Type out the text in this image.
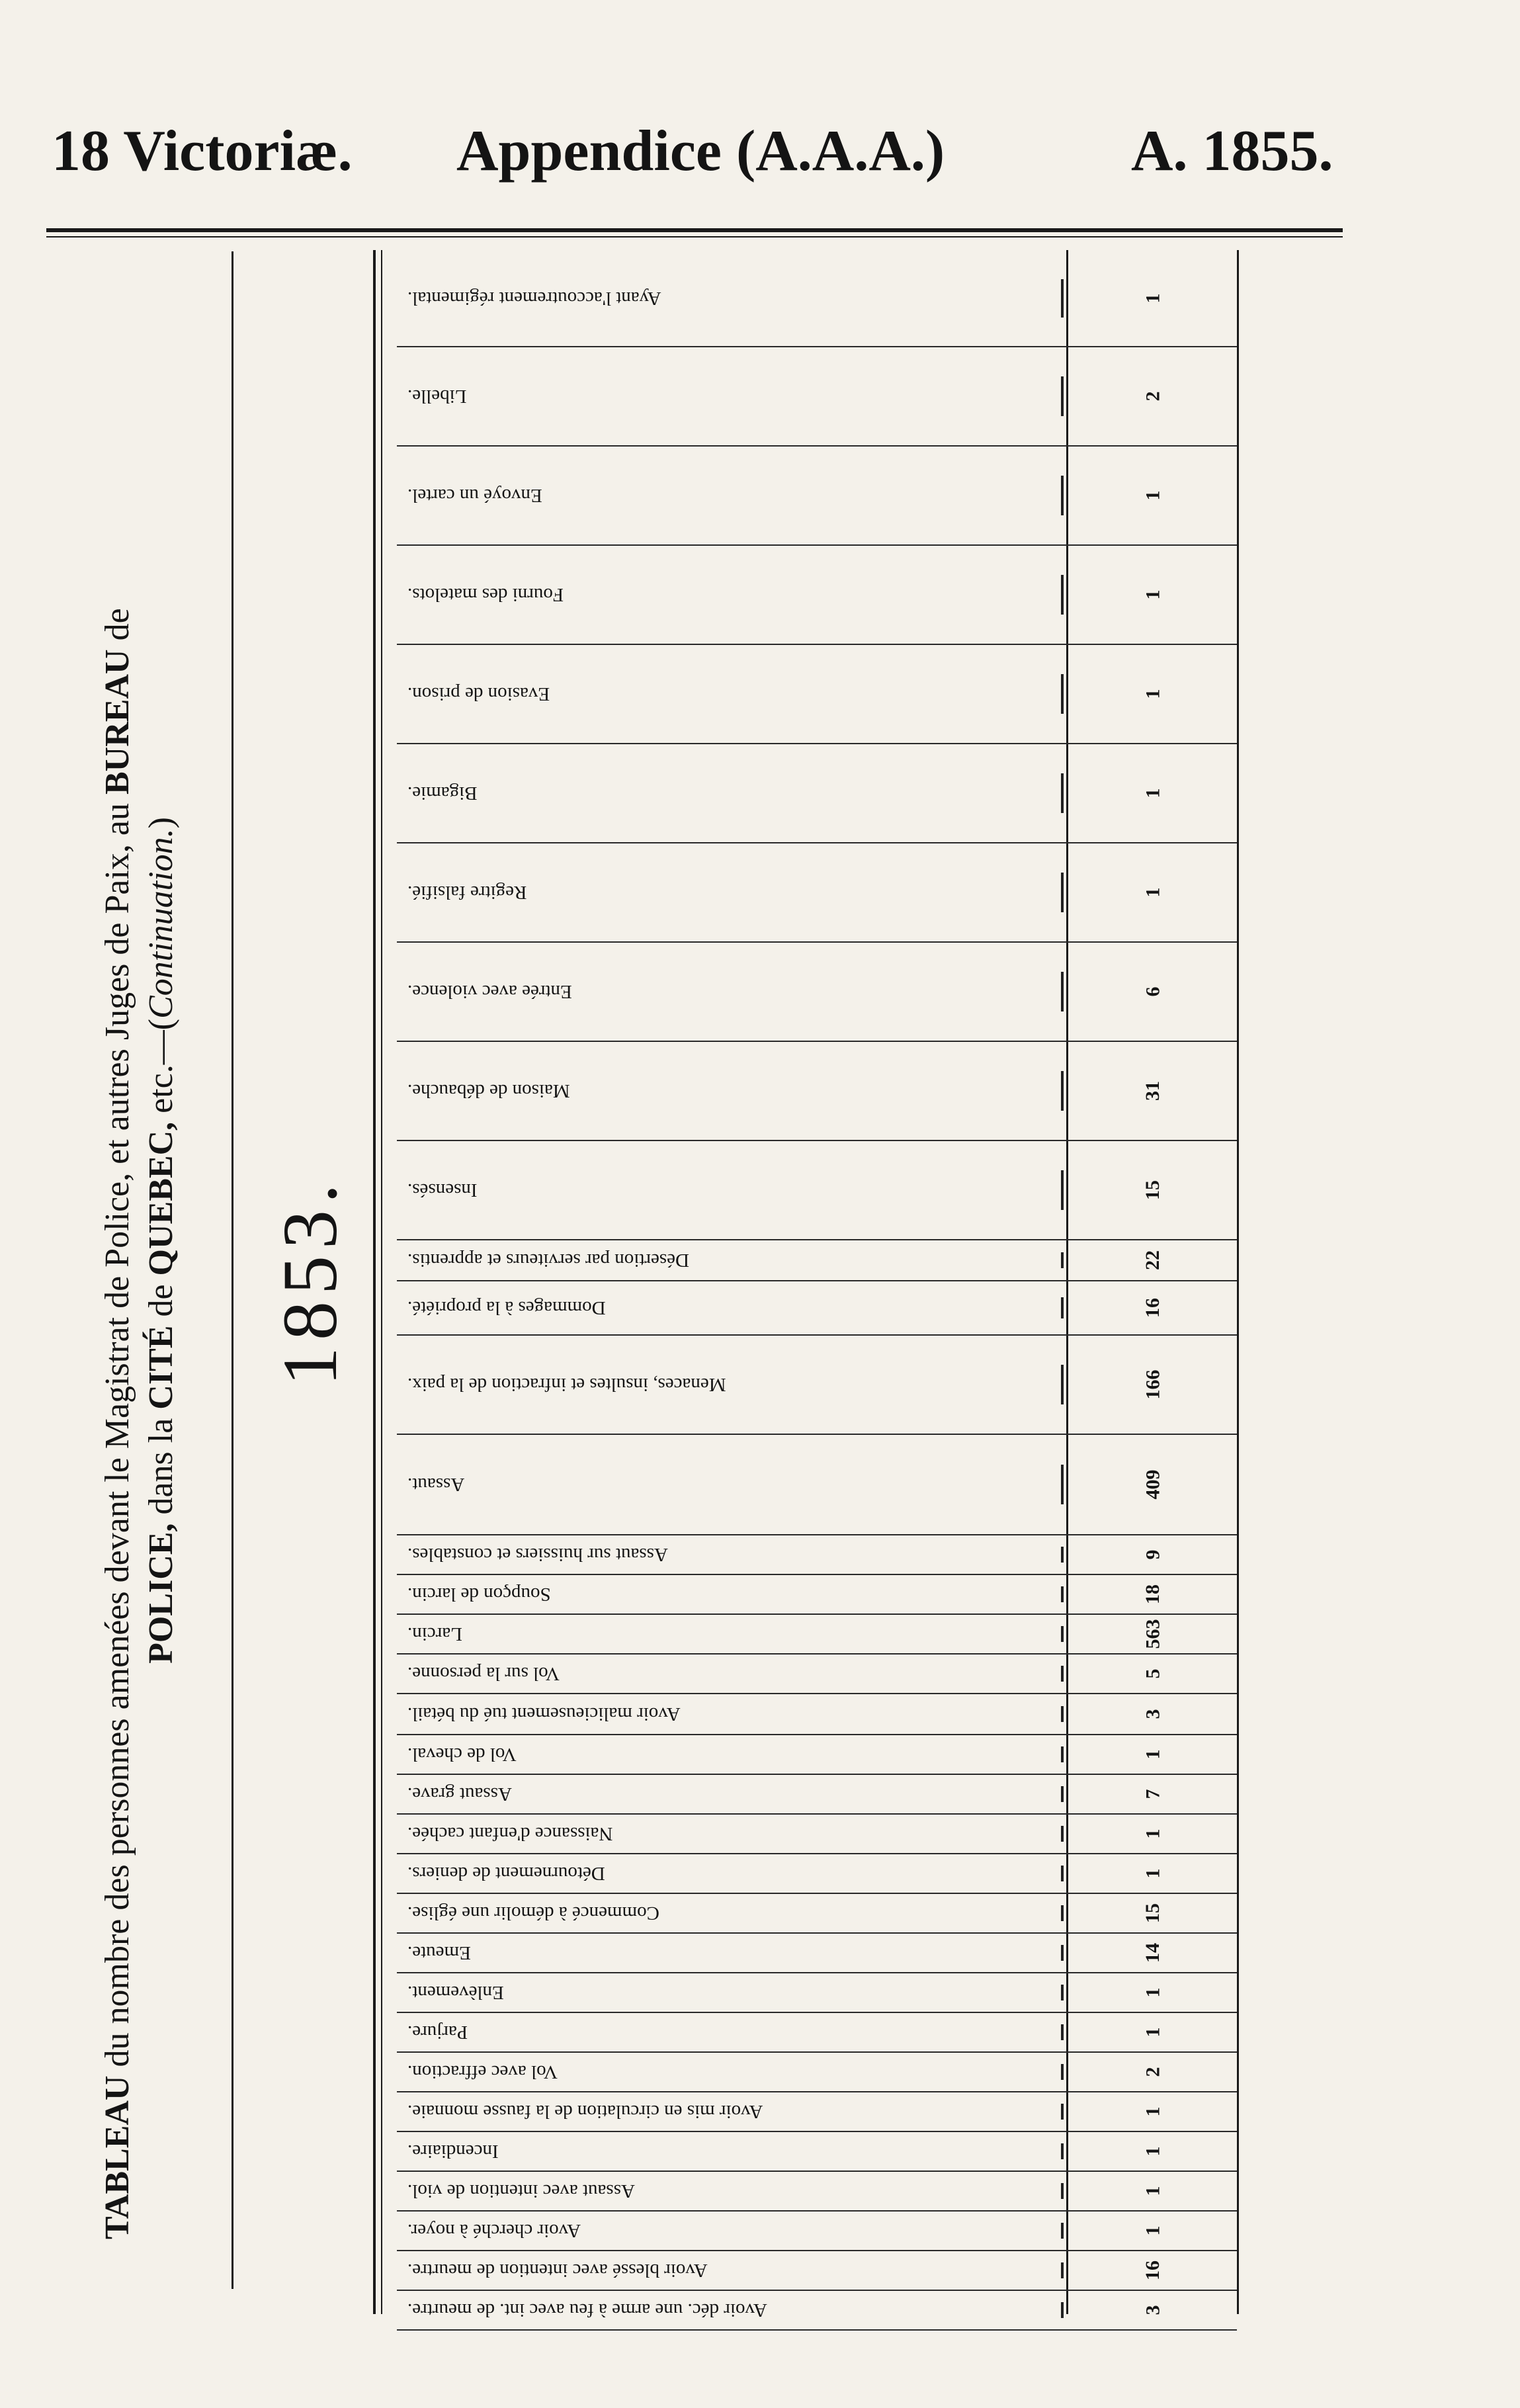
18 Victoriæ. Appendice (A.A.A.)	A. 1855.
TABLEAU du nombre des personnes amenées devant le Magistrat de Police, et autres Juges de Paix, au BUREAU de
POLICE, dans la CITÉ de QUEBEC, etc.—(Continuation.)
1853.
Ayant l'accoutrement régimental.	1
Libelle.	2
Envoyé un cartel.	1
Fourni des matelots.	1
Evasion de prison.	1
Bigamie.	1
Regitre falsifié.	1
Entrée avec violence.	6
Maison de débauche.	31
Insensés.	15
Désertion par serviteurs et apprentis.	22
Dommages à la propriété.	16
Menaces, insultes et infraction de la paix.	166
Assaut.	409
Assaut sur huissiers et constables.	9
Soupçon de larcin.	18
Larcin.	563
Vol sur la personne.	5
Avoir malicieusement tué du bétail.	3
Vol de cheval.	1
Assaut grave.	7
Naissance d'enfant cachée.	1
Détournement de deniers.	1
Commencé à démolir une église.	15
Emeute.	14
Enlèvement.	1
Parjure.	1
Vol avec effraction.	2
Avoir mis en circulation de la fausse monnaie.	1
Incendiaire.	1
Assaut avec intention de viol.	1
Avoir cherché à noyer.	1
Avoir blessé avec intention de meurtre.	16
Avoir déc. une arme à feu avec int. de meurtre.	3
